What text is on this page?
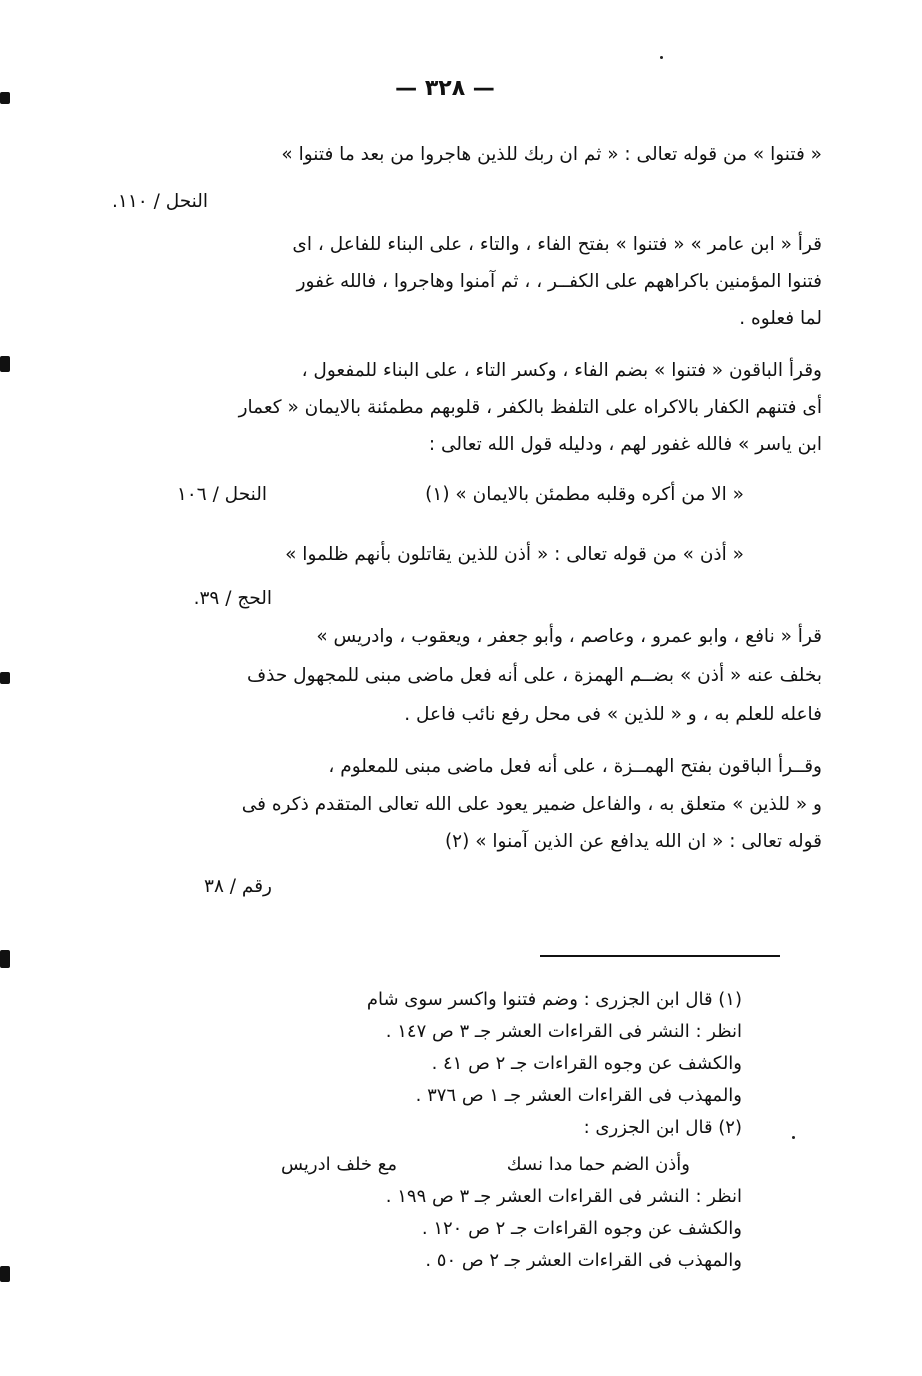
— ٣٢٨ —
« فتنوا » من قوله تعالى : « ثم ان ربك للذين هاجروا من بعد ما فتنوا »
النحل / ١١٠.
قرأ « ابن عامر » « فتنوا » بفتح الفاء ، والتاء ، على البناء للفاعل ، اى
فتنوا المؤمنين باكراههم على الكفــر ، ، ثم آمنوا وهاجروا ، فالله غفور
لما فعلوه .
وقرأ الباقون « فتنوا » بضم الفاء ، وكسر التاء ، على البناء للمفعول ،
أى فتنهم الكفار بالاكراه على التلفظ بالكفر ، قلوبهم مطمئنة بالايمان « كعمار
ابن ياسر » فالله غفور لهم ، ودليله قول الله تعالى :
« الا من أكره وقلبه مطمئن بالايمان » (١)
النحل / ١٠٦
« أذن » من قوله تعالى : « أذن للذين يقاتلون بأنهم ظلموا »
الحج / ٣٩.
قرأ « نافع ، وابو عمرو ، وعاصم ، وأبو جعفر ، ويعقوب ، وادريس »
بخلف عنه « أذن » بضــم الهمزة ، على أنه فعل ماضى مبنى للمجهول حذف
فاعله للعلم به ، و « للذين » فى محل رفع نائب فاعل .
وقــرأ الباقون بفتح الهمــزة ، على أنه فعل ماضى مبنى للمعلوم ،
و « للذين » متعلق به ، والفاعل ضمير يعود على الله تعالى المتقدم ذكره فى
قوله تعالى : « ان الله يدافع عن الذين آمنوا » (٢)
رقم / ٣٨
(١) قال ابن الجزرى : وضم فتنوا واكسر سوى شام
انظر : النشر فى القراءات العشر جـ ٣ ص ١٤٧ .
والكشف عن وجوه القراءات جـ ٢ ص ٤١ .
والمهذب فى القراءات العشر جـ ١ ص ٣٧٦ .
(٢) قال ابن الجزرى :
وأذن الضم حما مدا نسك
مع خلف ادريس
انظر : النشر فى القراءات العشر جـ ٣ ص ١٩٩ .
والكشف عن وجوه القراءات جـ ٢ ص ١٢٠ .
والمهذب فى القراءات العشر جـ ٢ ص ٥٠ .
